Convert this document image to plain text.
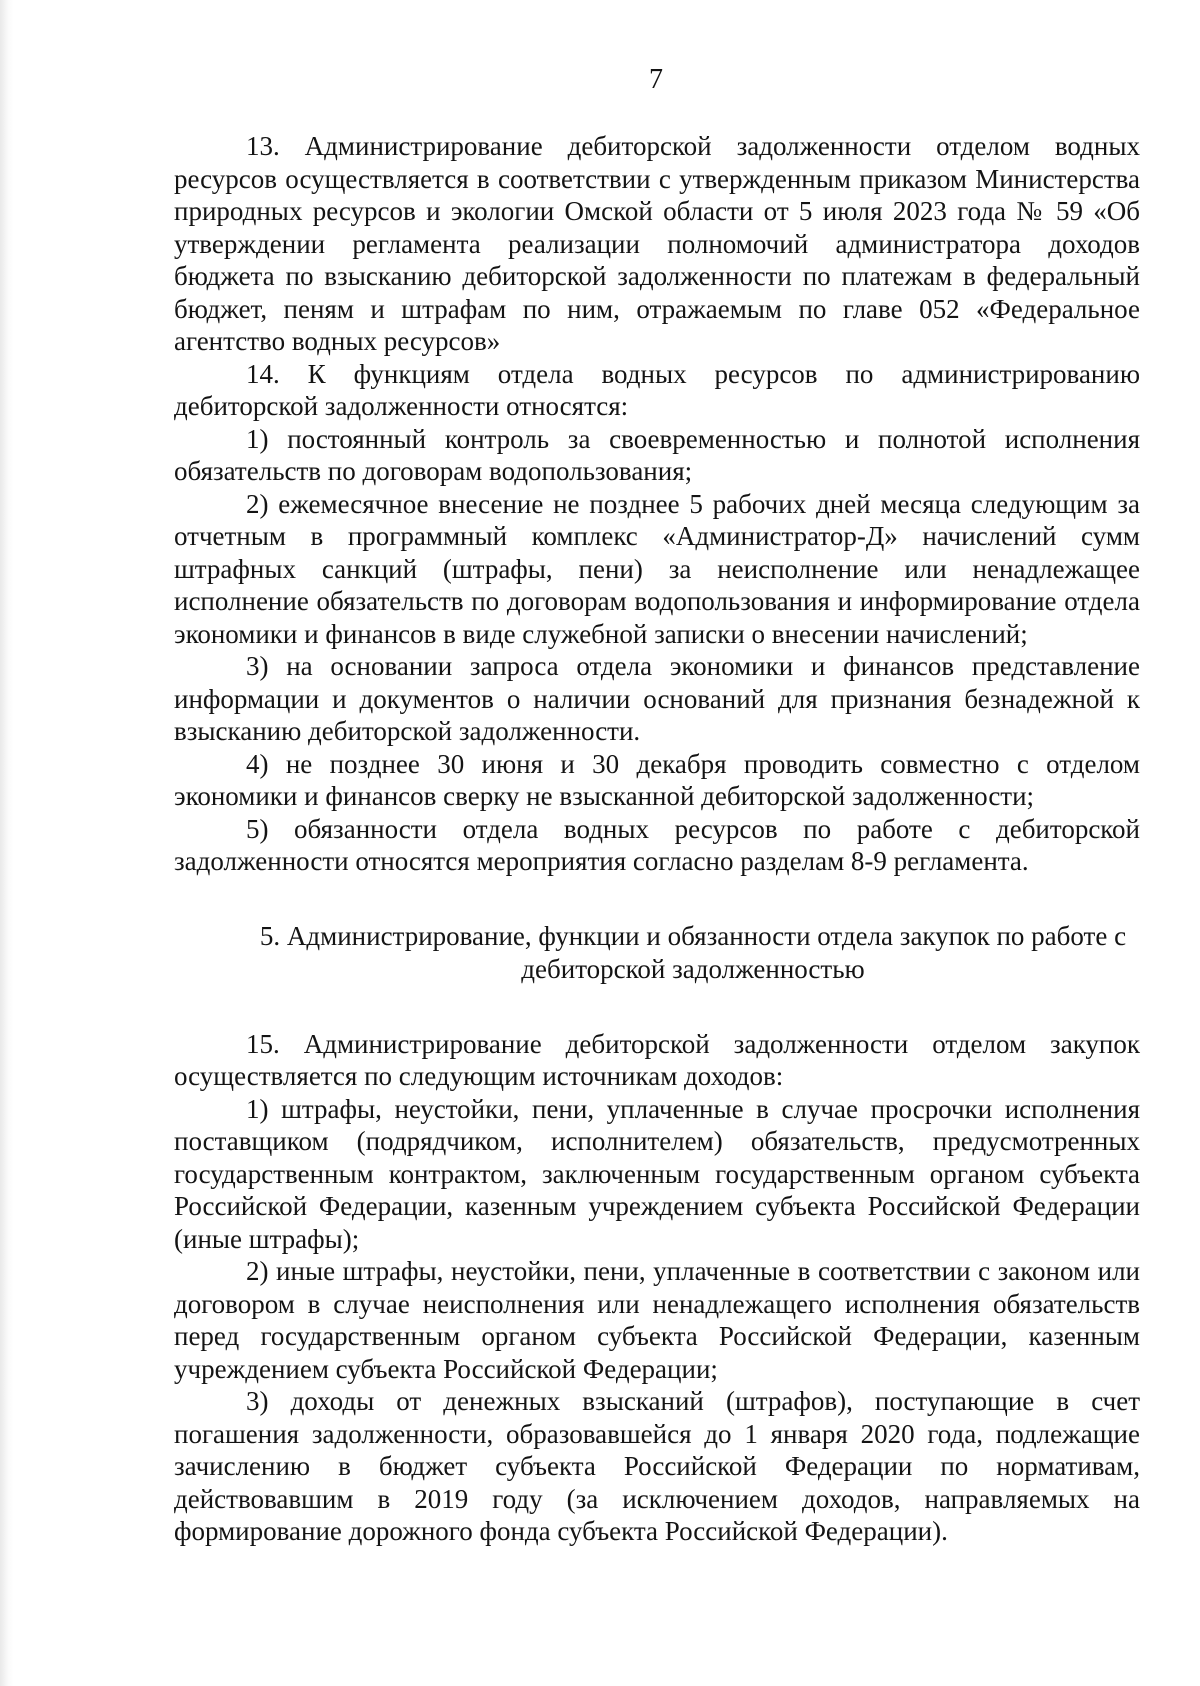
7

13. Администрирование дебиторской задолженности отделом водных ресурсов осуществляется в соответствии с утвержденным приказом Министерства природных ресурсов и экологии Омской области от 5 июля 2023 года № 59 «Об утверждении регламента реализации полномочий администратора доходов бюджета по взысканию дебиторской задолженности по платежам в федеральный бюджет, пеням и штрафам по ним, отражаемым по главе 052 «Федеральное агентство водных ресурсов»

14. К функциям отдела водных ресурсов по администрированию дебиторской задолженности относятся:

1) постоянный контроль за своевременностью и полнотой исполнения обязательств по договорам водопользования;

2) ежемесячное внесение не позднее 5 рабочих дней месяца следующим за отчетным в программный комплекс «Администратор-Д» начислений сумм штрафных санкций (штрафы, пени) за неисполнение или ненадлежащее исполнение обязательств по договорам водопользования и информирование отдела экономики и финансов в виде служебной записки о внесении начислений;

3) на основании запроса отдела экономики и финансов представление информации и документов о наличии оснований для признания безнадежной к взысканию дебиторской задолженности.

4) не позднее 30 июня и 30 декабря проводить совместно с отделом экономики и финансов сверку не взысканной дебиторской задолженности;

5) обязанности отдела водных ресурсов по работе с дебиторской задолженности относятся мероприятия согласно разделам 8-9 регламента.

5. Администрирование, функции и обязанности отдела закупок по работе с дебиторской задолженностью

15. Администрирование дебиторской задолженности отделом закупок осуществляется по следующим источникам доходов:

1) штрафы, неустойки, пени, уплаченные в случае просрочки исполнения поставщиком (подрядчиком, исполнителем) обязательств, предусмотренных государственным контрактом, заключенным государственным органом субъекта Российской Федерации, казенным учреждением субъекта Российской Федерации (иные штрафы);

2) иные штрафы, неустойки, пени, уплаченные в соответствии с законом или договором в случае неисполнения или ненадлежащего исполнения обязательств перед государственным органом субъекта Российской Федерации, казенным учреждением субъекта Российской Федерации;

3) доходы от денежных взысканий (штрафов), поступающие в счет погашения задолженности, образовавшейся до 1 января 2020 года, подлежащие зачислению в бюджет субъекта Российской Федерации по нормативам, действовавшим в 2019 году (за исключением доходов, направляемых на формирование дорожного фонда субъекта Российской Федерации).
